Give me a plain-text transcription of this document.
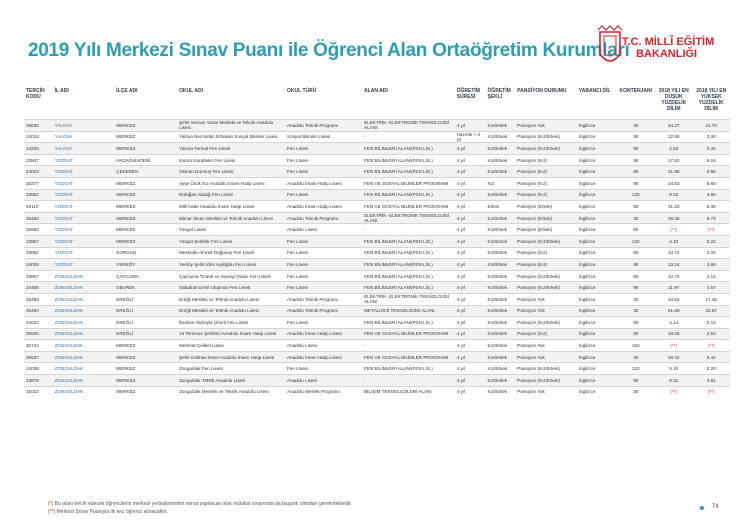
2019 Yılı Merkezi Sınav Puanı ile Öğrenci Alan Ortaöğretim Kurumları
T.C. MİLLÎ EĞİTİM
BAKANLIĞI
TERCİH KODU	İL ADI	İLÇE ADI	OKUL ADI	OKUL TÜRÜ	ALAN ADI	ÖĞRETİM SÜRESİ	ÖĞRETİM ŞEKLİ	PANSİYON DURUMU	YABANCI DİL	KONTENJANI	2018 YILI EN DÜŞÜK YÜZDELİK DİLİM	2018 YILI EN YÜKSEK YÜZDELİK DİLİM
25635	YALOVA	MERKEZ	Şehit Sercan Yazar Mesleki ve Teknik Anadolu Lisesi	Anadolu Teknik Programı	ELEKTRİK- ELEKTRONİK TEKNOLOJİSİ ALANI	4 yıl	Kız/Erkek	Pansiyon Yok	İngilizce	30	44.37	14.70
24018	YALOVA	MERKEZ	Yalova Necmettin Erbakan Sosyal Bilimler Lisesi	Sosyal Bilimler Lisesi	-	Hazırlık + 4 yıl	Kız/Erkek	Pansiyon (Kız/Erkek)	İngilizce	90	12.86	3.30
24225	YALOVA	MERKEZ	Yalova-Termal Fen Lisesi	Fen Lisesi	FEN BİLİMLERİ ALANI(FEN LİS.)	4 yıl	Kız/Erkek	Pansiyon (Kız/Erkek)	İngilizce	90	2.63	0.34
23847	YOZGAT	AKDAĞMADENİ	Kazım Karabekir Fen Lisesi	Fen Lisesi	FEN BİLİMLERİ ALANI(FEN LİS.)	4 yıl	Kız/Erkek	Pansiyon (Kız)	İngilizce	90	17.62	6.19
24023	YOZGAT	ÇEKEREK	Osman Durmuş Fen Lisesi	Fen Lisesi	FEN BİLİMLERİ ALANI(FEN LİS.)	4 yıl	Kız/Erkek	Pansiyon (Kız)	İngilizce	90	21.98	0.55
26377	YOZGAT	MERKEZ	Ayşe Ücok Kız Anadolu İmam Hatip Lisesi	Anadolu İmam Hatip Lisesi	FEN VE SOSYAL BİLİMLER PROGRAMI	4 yıl	Kız	Pansiyon (Kız)	İngilizce	90	24.83	8.60
23852	YOZGAT	MERKEZ	Erdoğan Akdağ Fen Lisesi	Fen Lisesi	FEN BİLİMLERİ ALANI(FEN LİS.)	4 yıl	Kız/Erkek	Pansiyon (Kız)	İngilizce	120	8.03	3.60
25110	YOZGAT	MERKEZ	Milli İrade Anadolu İmam Hatip Lisesi	Anadolu İmam Hatip Lisesi	FEN VE SOSYAL BİLİMLER PROGRAMI	4 yıl	Erkek	Pansiyon (Erkek)	İngilizce	90	31.28	8.35
25483	YOZGAT	MERKEZ	Mimar Sinan Mesleki ve Teknik Anadolu Lisesi	Anadolu Teknik Programı	ELEKTRİK- ELEKTRONİK TEKNOLOJİSİ ALANI	4 yıl	Kız/Erkek	Pansiyon (Erkek)	İngilizce	30	39.38	8.73
32682	YOZGAT	MERKEZ	Yozgat Lisesi	Anadolu Lisesi	-	4 yıl	Kız/Erkek	Pansiyon (Erkek)	İngilizce	60	(**)	(**)
23857	YOZGAT	MERKEZ	Yozgat Şehitler Fen Lisesi	Fen Lisesi	FEN BİLİMLERİ ALANI(FEN LİS.)	4 yıl	Kız/Erkek	Pansiyon (Kız/Erkek)	İngilizce	120	4.10	0.22
23862	YOZGAT	SORGUN	Mesküde-Ahmet Doğanay Fen Lisesi	Fen Lisesi	FEN BİLİMLERİ ALANI(FEN LİS.)	4 yıl	Kız/Erkek	Pansiyon (Kız)	İngilizce	90	10.74	2.03
24028	YOZGAT	YERKÖY	Yerköy Şehit İdris Aydoğdu Fen Lisesi	Fen Lisesi	FEN BİLİMLERİ ALANI(FEN LİS.)	4 yıl	Kız/Erkek	Pansiyon (Kız)	İngilizce	90	13.24	3.69
23867	ZONGULDAK	ÇAYCUMA	Çaycuma Ticaret ve Sanayi Odası Fen Lisesi	Fen Lisesi	FEN BİLİMLERİ ALANI(FEN LİS.)	4 yıl	Kız/Erkek	Pansiyon (Kız/Erkek)	İngilizce	90	10.75	4.14
24465	ZONGULDAK	DEVREK	Sabahat-Cemil Ulupınar Fen Lisesi	Fen Lisesi	FEN BİLİMLERİ ALANI(FEN LİS.)	4 yıl	Kız/Erkek	Pansiyon (Kız/Erkek)	İngilizce	90	11.97	4.57
25489	ZONGULDAK	EREĞLİ	Ereğli Mesleki ve Teknik Anadolu Lisesi	Anadolu Teknik Programı	ELEKTRİK- ELEKTRONİK TEKNOLOJİSİ ALANI	4 yıl	Kız/Erkek	Pansiyon Yok	İngilizce	30	44.54	17.36
25494	ZONGULDAK	EREĞLİ	Ereğli Mesleki ve Teknik Anadolu Lisesi	Anadolu Teknik Programı	METALURJİ TEKNOLOJİSİ ALANI	4 yıl	Kız/Erkek	Pansiyon Yok	İngilizce	30	61.58	22.87
24033	ZONGULDAK	EREĞLİ	İbrahim-Süheyla İzmirli Fen Lisesi	Fen Lisesi	FEN BİLİMLERİ ALANI(FEN LİS.)	4 yıl	Kız/Erkek	Pansiyon (Kız/Erkek)	İngilizce	90	4.14	0.13
25505	ZONGULDAK	EREĞLİ	15 Temmuz Şehitleri Anadolu İmam Hatip Lisesi	Anadolu İmam Hatip Lisesi	FEN VE SOSYAL BİLİMLER PROGRAMI	4 yıl	Kız/Erkek	Pansiyon (Kız)	İngilizce	90	18.05	2.53
32734	ZONGULDAK	MERKEZ	Mehmet Çelikel Lisesi	Anadolu Lisesi	-	4 yıl	Kız/Erkek	Pansiyon Yok	İngilizce	150	(**)	(**)
26537	ZONGULDAK	MERKEZ	Şehit Gökhan Esen Anadolu İmam Hatip Lisesi	Anadolu İmam Hatip Lisesi	FEN VE SOSYAL BİLİMLER PROGRAMI	4 yıl	Kız/Erkek	Pansiyon Yok	İngilizce	30	29.42	5.44
24038	ZONGULDAK	MERKEZ	Zonguldak Fen Lisesi	Fen Lisesi	FEN BİLİMLERİ ALANI(FEN LİS.)	4 yıl	Kız/Erkek	Pansiyon (Kız/Erkek)	İngilizce	120	5.10	0.20
23878	ZONGULDAK	MERKEZ	Zonguldak TMKB Anadolu Lisesi	Anadolu Lisesi	-	4 yıl	Kız/Erkek	Pansiyon (Kız/Erkek)	İngilizce	90	8.31	3.81
31022	ZONGULDAK	MERKEZ	Zonguldak Mesleki ve Teknik Anadolu Lisesi	Anadolu Meslek Programı	BİLİŞİM TEKNOLOJİLERİ ALANI	4 yıl	Kız/Erkek	Pansiyon Yok	İngilizce	30	(**)	(**)
(*) Bu alanı tercih edecek öğrencilerin merkezi yerleştirmeden sonra yapılacak olan mülakat sınavında da başarılı olmaları gerekmektedir.
(**) Merkezi Sınav Puanıyla ilk kez öğrenci alınacaktır.
74
